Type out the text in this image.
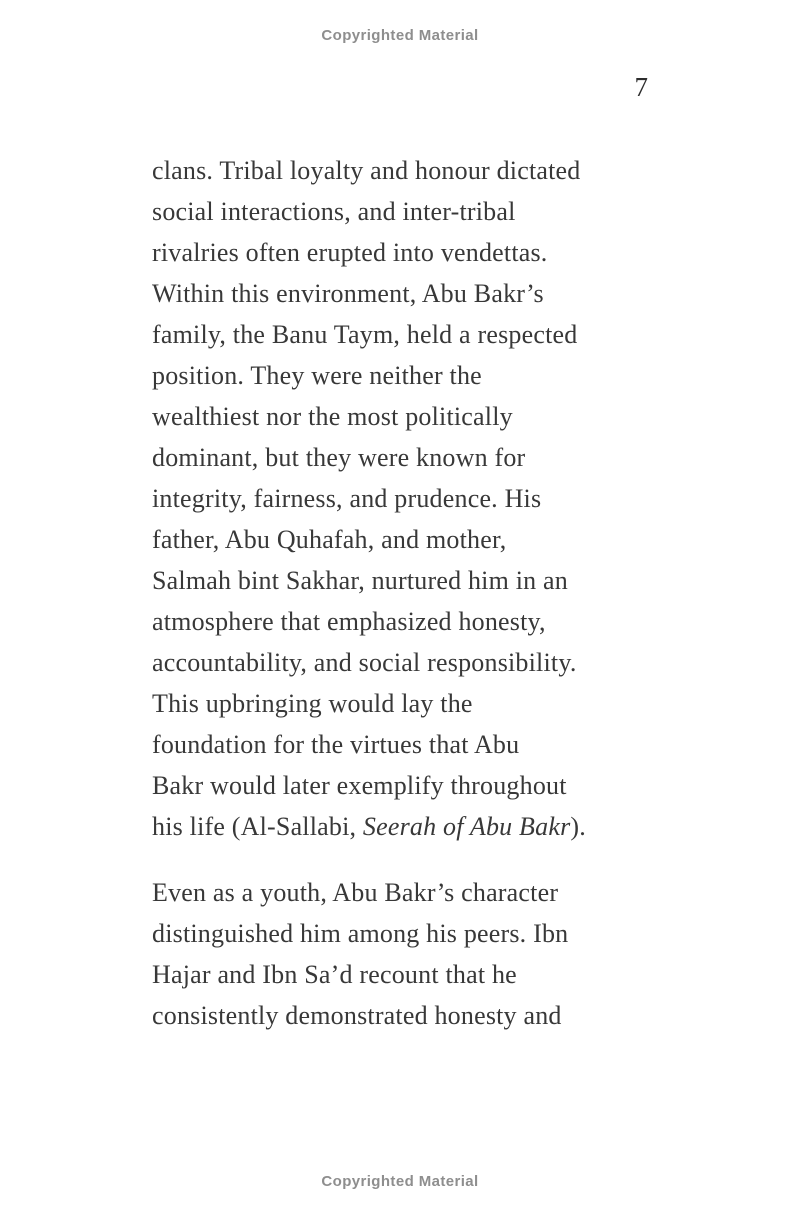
Copyrighted Material
7
clans. Tribal loyalty and honour dictated
social interactions, and inter-tribal
rivalries often erupted into vendettas.
Within this environment, Abu Bakr’s
family, the Banu Taym, held a respected
position. They were neither the
wealthiest nor the most politically
dominant, but they were known for
integrity, fairness, and prudence. His
father, Abu Quhafah, and mother,
Salmah bint Sakhar, nurtured him in an
atmosphere that emphasized honesty,
accountability, and social responsibility.
This upbringing would lay the
foundation for the virtues that Abu
Bakr would later exemplify throughout
his life (Al-Sallabi, Seerah of Abu Bakr).
Even as a youth, Abu Bakr’s character
distinguished him among his peers. Ibn
Hajar and Ibn Sa’d recount that he
consistently demonstrated honesty and
Copyrighted Material
